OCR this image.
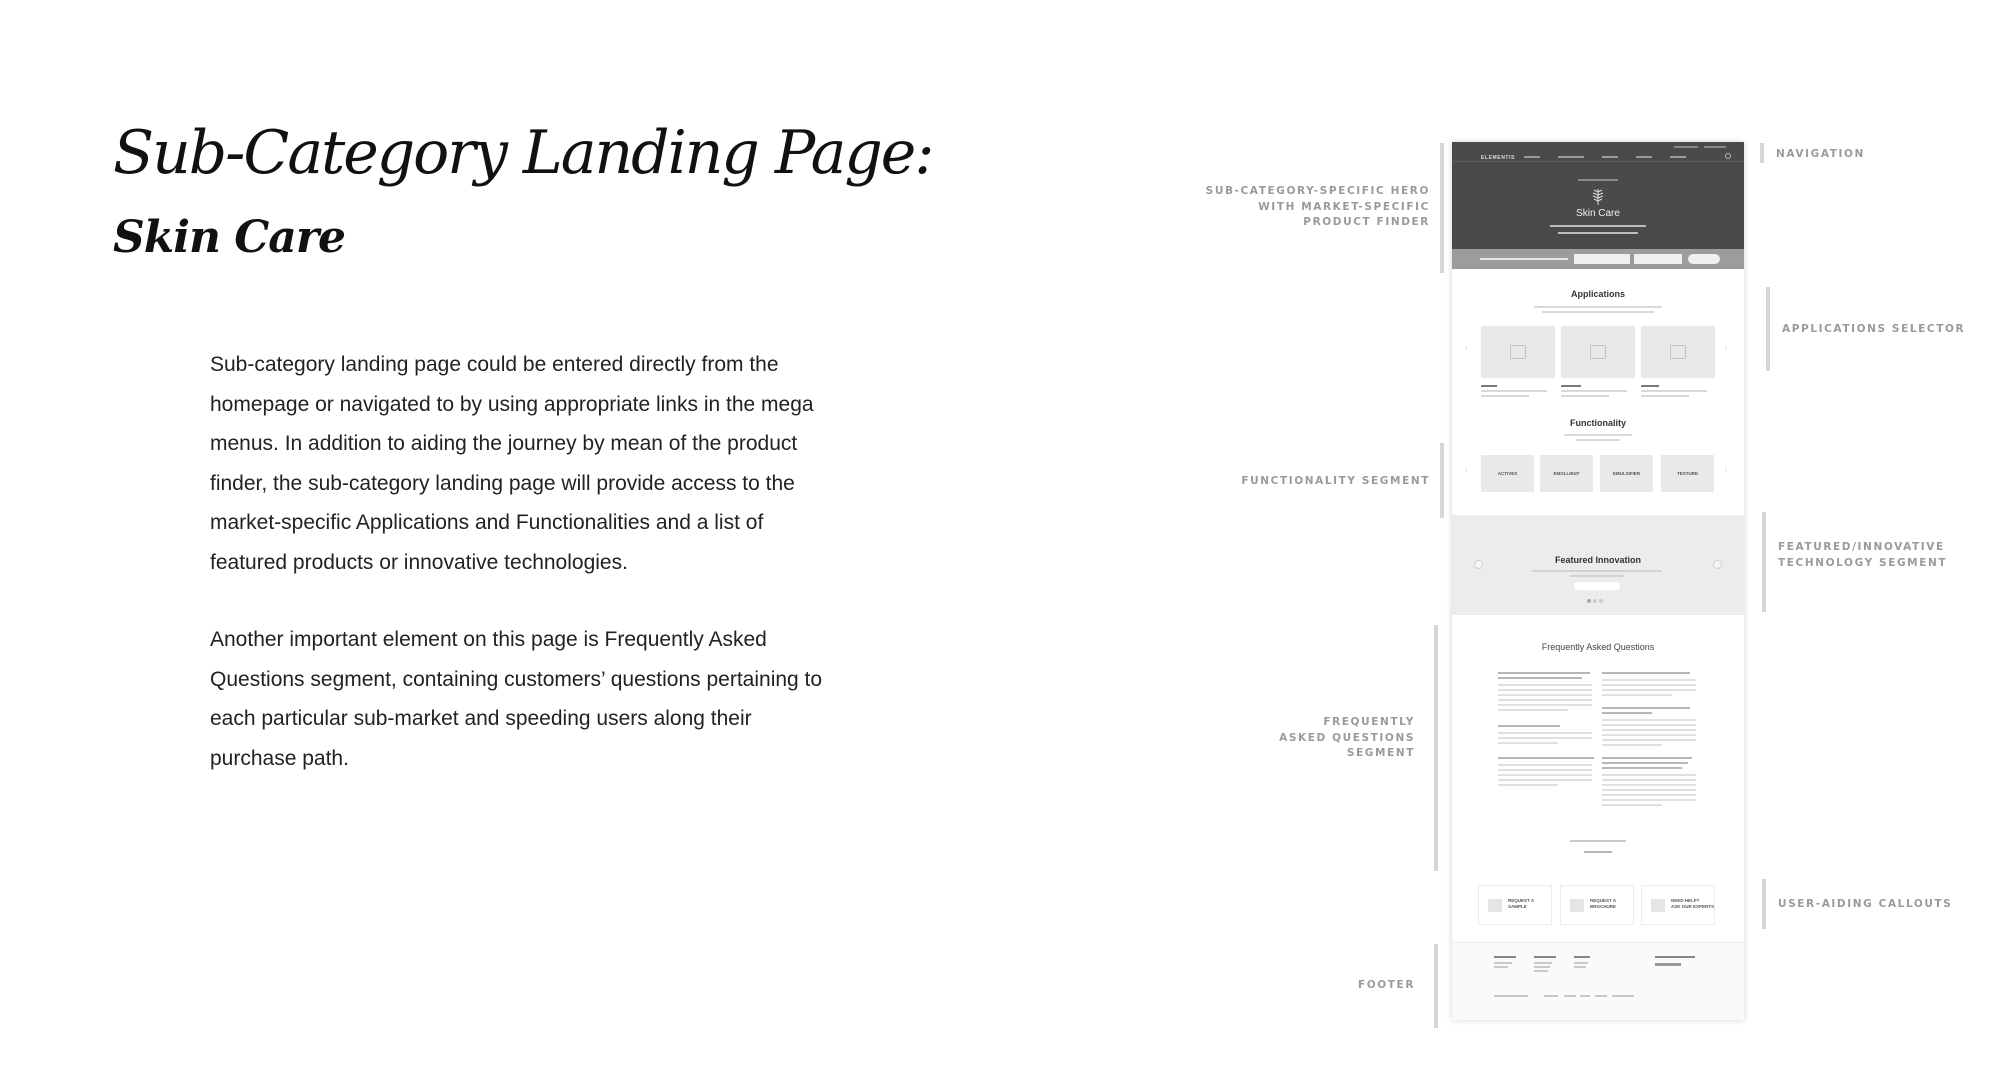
Sub-Category Landing Page:
Skin Care
Sub-category landing page could be entered directly from the
homepage or navigated to by using appropriate links in the mega
menus. In addition to aiding the journey by mean of the product
finder, the sub-category landing page will provide access to the
market-specific Applications and Functionalities and a list of
featured products or innovative technologies.
Another important element on this page is Frequently Asked
Questions segment, containing customers’ questions pertaining to
each particular sub-market and speeding users along their
purchase path.
NAVIGATION
SUB-CATEGORY-SPECIFIC HERO
WITH MARKET-SPECIFIC
PRODUCT FINDER
APPLICATIONS SELECTOR
FUNCTIONALITY SEGMENT
FEATURED/INNOVATIVE
TECHNOLOGY SEGMENT
FREQUENTLY
ASKED QUESTIONS
SEGMENT
USER-AIDING CALLOUTS
FOOTER
ELEMENTIS
Skin Care
Applications
‹	›
Functionality
‹	›
ACTIVES	EMOLLIENT	EMULSIFIER	TEXTURE
Featured Innovation
Frequently Asked Questions
REQUEST A
SAMPLE
REQUEST A
BROCHURE
NEED HELP?
ASK OUR EXPERTS
